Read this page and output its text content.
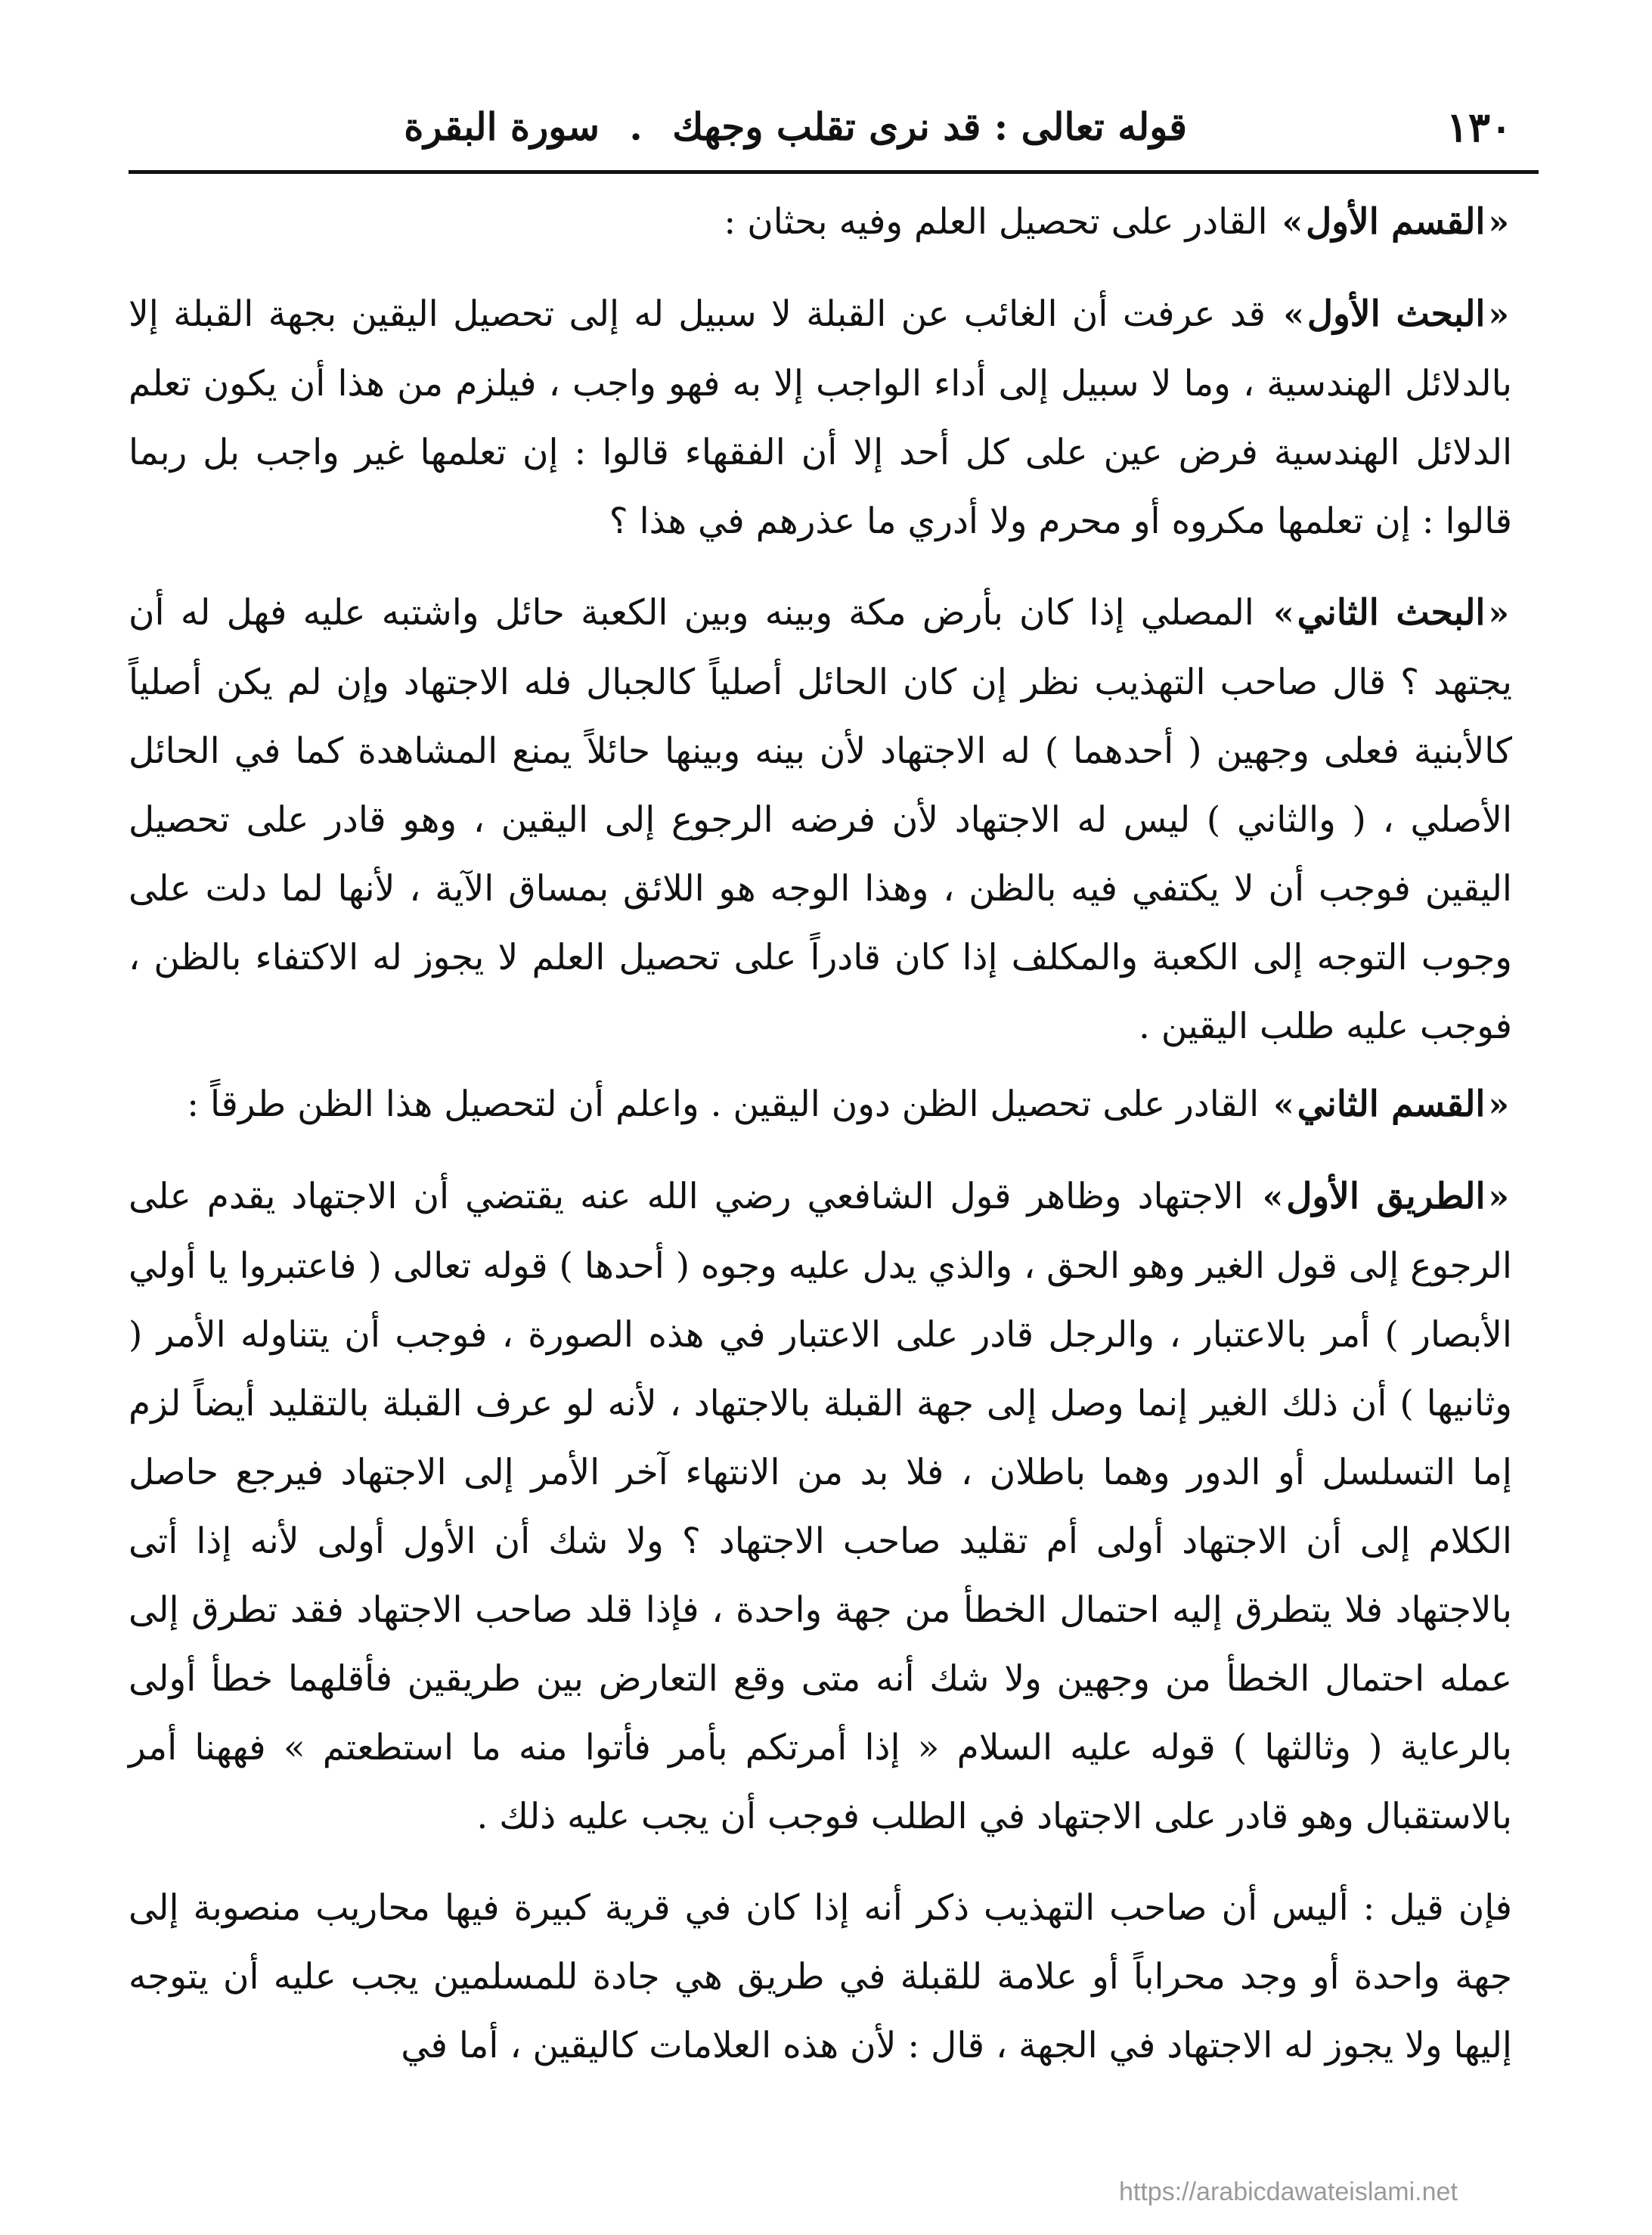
١٣٠
قوله تعالى : قد نرى تقلب وجهك . سورة البقرة

«القسم الأول» القادر على تحصيل العلم وفيه بحثان :

«البحث الأول» قد عرفت أن الغائب عن القبلة لا سبيل له إلى تحصيل اليقين بجهة القبلة إلا بالدلائل الهندسية ، وما لا سبيل إلى أداء الواجب إلا به فهو واجب ، فيلزم من هذا أن يكون تعلم الدلائل الهندسية فرض عين على كل أحد إلا أن الفقهاء قالوا : إن تعلمها غير واجب بل ربما قالوا : إن تعلمها مكروه أو محرم ولا أدري ما عذرهم في هذا ؟

«البحث الثاني» المصلي إذا كان بأرض مكة وبينه وبين الكعبة حائل واشتبه عليه فهل له أن يجتهد ؟ قال صاحب التهذيب نظر إن كان الحائل أصلياً كالجبال فله الاجتهاد وإن لم يكن أصلياً كالأبنية فعلى وجهين ( أحدهما ) له الاجتهاد لأن بينه وبينها حائلاً يمنع المشاهدة كما في الحائل الأصلي ، ( والثاني ) ليس له الاجتهاد لأن فرضه الرجوع إلى اليقين ، وهو قادر على تحصيل اليقين فوجب أن لا يكتفي فيه بالظن ، وهذا الوجه هو اللائق بمساق الآية ، لأنها لما دلت على وجوب التوجه إلى الكعبة والمكلف إذا كان قادراً على تحصيل العلم لا يجوز له الاكتفاء بالظن ، فوجب عليه طلب اليقين .

«القسم الثاني» القادر على تحصيل الظن دون اليقين . واعلم أن لتحصيل هذا الظن طرقاً :

«الطريق الأول» الاجتهاد وظاهر قول الشافعي رضي الله عنه يقتضي أن الاجتهاد يقدم على الرجوع إلى قول الغير وهو الحق ، والذي يدل عليه وجوه ( أحدها ) قوله تعالى ( فاعتبروا يا أولي الأبصار ) أمر بالاعتبار ، والرجل قادر على الاعتبار في هذه الصورة ، فوجب أن يتناوله الأمر ( وثانيها ) أن ذلك الغير إنما وصل إلى جهة القبلة بالاجتهاد ، لأنه لو عرف القبلة بالتقليد أيضاً لزم إما التسلسل أو الدور وهما باطلان ، فلا بد من الانتهاء آخر الأمر إلى الاجتهاد فيرجع حاصل الكلام إلى أن الاجتهاد أولى أم تقليد صاحب الاجتهاد ؟ ولا شك أن الأول أولى لأنه إذا أتى بالاجتهاد فلا يتطرق إليه احتمال الخطأ من جهة واحدة ، فإذا قلد صاحب الاجتهاد فقد تطرق إلى عمله احتمال الخطأ من وجهين ولا شك أنه متى وقع التعارض بين طريقين فأقلهما خطأ أولى بالرعاية ( وثالثها ) قوله عليه السلام « إذا أمرتكم بأمر فأتوا منه ما استطعتم » فههنا أمر بالاستقبال وهو قادر على الاجتهاد في الطلب فوجب أن يجب عليه ذلك .

فإن قيل : أليس أن صاحب التهذيب ذكر أنه إذا كان في قرية كبيرة فيها محاريب منصوبة إلى جهة واحدة أو وجد محراباً أو علامة للقبلة في طريق هي جادة للمسلمين يجب عليه أن يتوجه إليها ولا يجوز له الاجتهاد في الجهة ، قال : لأن هذه العلامات كاليقين ، أما في

https://arabicdawateislami.net
